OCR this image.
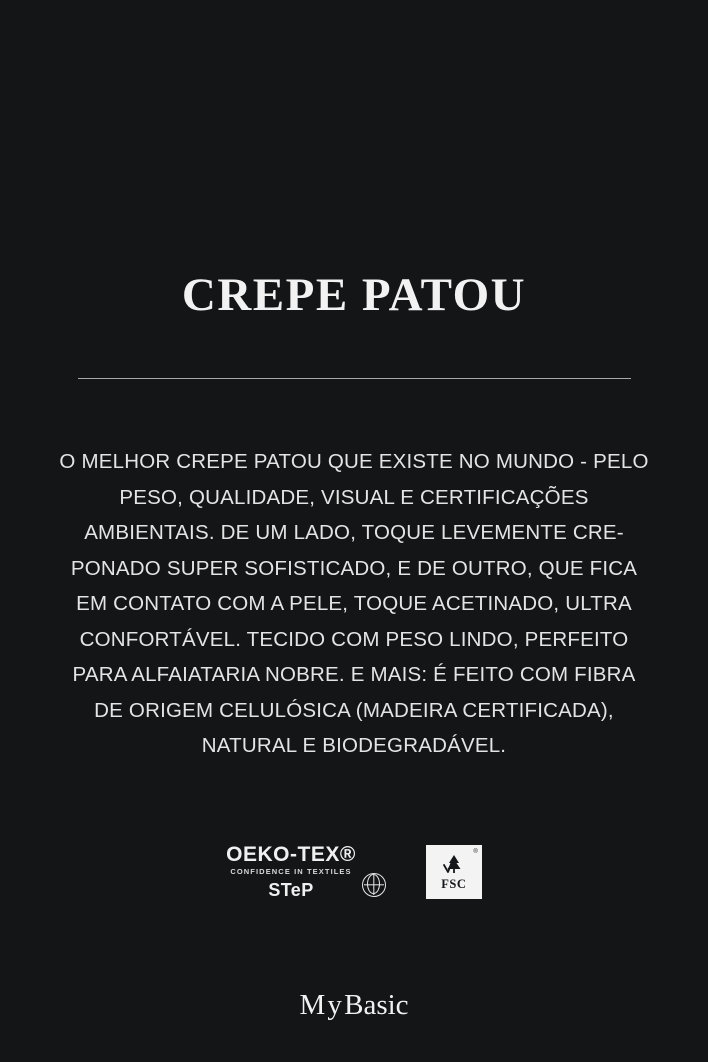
CREPE PATOU

O MELHOR CREPE PATOU QUE EXISTE NO MUNDO - PELO PESO, QUALIDADE, VISUAL E CERTIFICAÇÕES AMBIENTAIS. DE UM LADO, TOQUE LEVEMENTE CRE-PONADO SUPER SOFISTICADO, E DE OUTRO, QUE FICA EM CONTATO COM A PELE, TOQUE ACETINADO, ULTRA CONFORTÁVEL. TECIDO COM PESO LINDO, PERFEITO PARA ALFAIATARIA NOBRE. E MAIS: É FEITO COM FIBRA DE ORIGEM CELULÓSICA (MADEIRA CERTIFICADA), NATURAL E BIODEGRADÁVEL.

OEKO-TEX®
CONFIDENCE IN TEXTILES
STeP
®
FSC
MyBasic
